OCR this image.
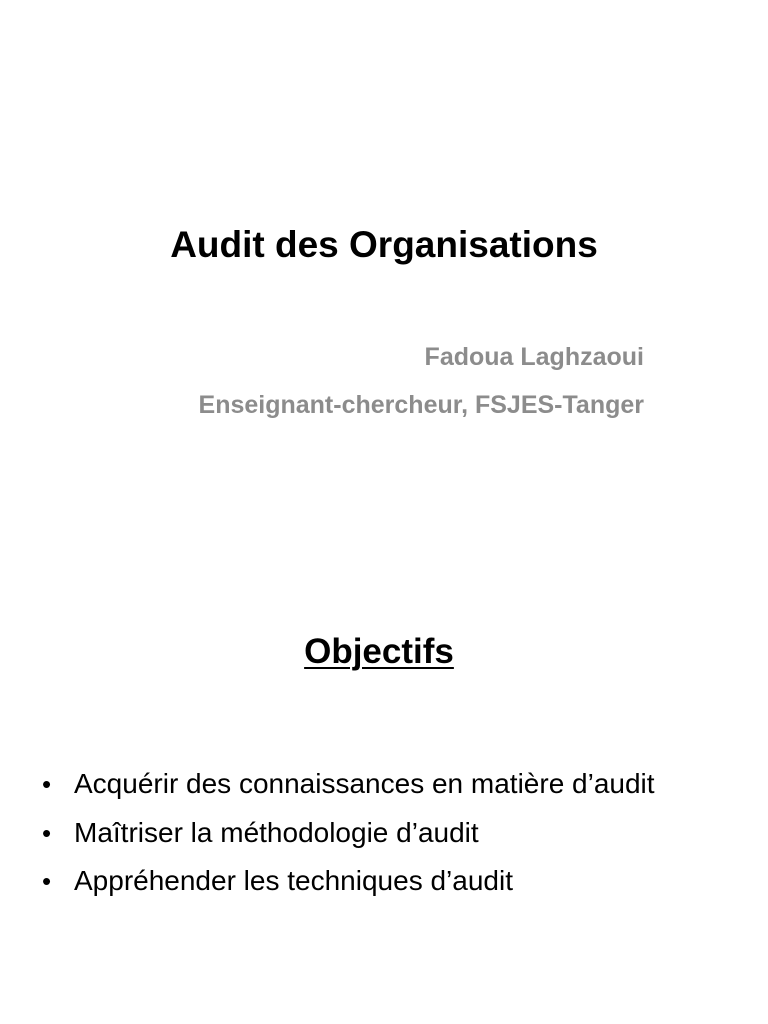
Audit des Organisations
Fadoua Laghzaoui
Enseignant-chercheur, FSJES-Tanger
Objectifs
• Acquérir des connaissances en matière d’audit
• Maîtriser la méthodologie d’audit
• Appréhender les techniques d’audit
